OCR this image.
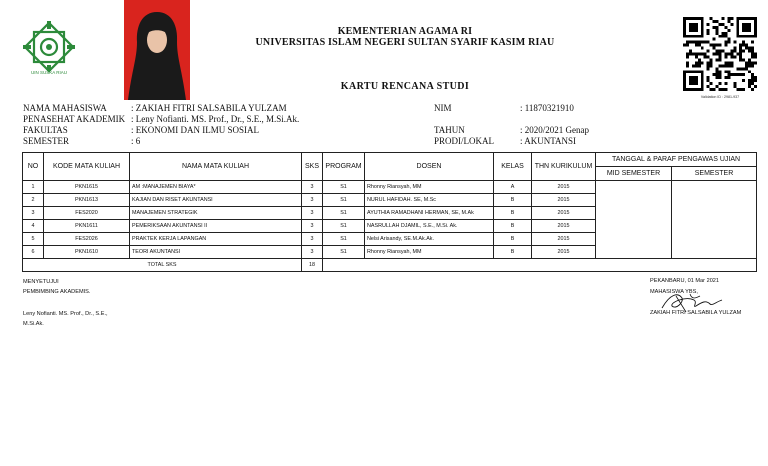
UIN SUSKA RIAU
Validation ID : 2981-937
KEMENTERIAN AGAMA RI
UNIVERSITAS ISLAM NEGERI SULTAN SYARIF KASIM RIAU
KARTU RENCANA STUDI
NAMA MAHASISWA	: ZAKIAH FITRI SALSABILA YULZAM
PENASEHAT AKADEMIK : Leny Nofianti. MS. Prof., Dr., S.E., M.Si.Ak.
FAKULTAS	: EKONOMI DAN ILMU SOSIAL
SEMESTER	: 6
NIM	: 11870321910
TAHUN	: 2020/2021 Genap
PRODI/LOKAL	: AKUNTANSI
NO	KODE MATA KULIAH	NAMA MATA KULIAH	SKS	PROGRAM	DOSEN	KELAS	THN KURIKULUM	TANGGAL & PARAF PENGAWAS UJIAN	
								MID SEMESTER	SEMESTER
1	PKN1615	AM :MANAJEMEN BIAYA*	3	S1	Rhonny Riansyah, MM	A	2015		
2	PKN1613	KAJIAN DAN RISET AKUNTANSI	3	S1	NURUL HAFIDAH. SE, M.Sc	B	2015		
3	FES2020	MANAJEMEN STRATEGIK	3	S1	AYUTHIA RAMADHANI HERMAN, SE, M.Ak	B	2015		
4	PKN1611	PEMERIKSAAN AKUNTANSI II	3	S1	NASRULLAH DJAMIL, S.E., M.Si. Ak.	B	2015		
5	FES2026	PRAKTEK KERJA LAPANGAN	3	S1	Nelsi Arisandy, SE.M.Ak.Ak.	B	2015		
6	PKN1610	TEORI AKUNTANSI	3	S1	Rhonny Riansyah, MM	B	2015		
TOTAL SKS			18						
MENYETUJUI
PEMBIMBING AKADEMIS.
Leny Nofianti. MS. Prof., Dr., S.E.,
M.Si.Ak.
PEKANBARU, 01 Mar 2021
MAHASISWA YBS,
ZAKIAH FITRI SALSABILA YULZAM
